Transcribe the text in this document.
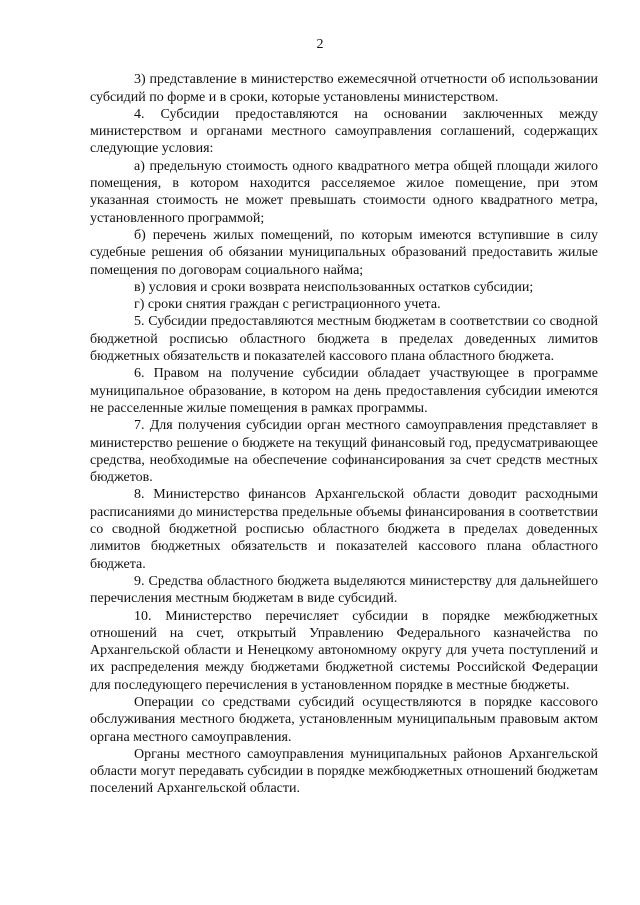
2

3) представление в министерство ежемесячной отчетности об использовании субсидий по форме и в сроки, которые установлены министерством.

4. Субсидии предоставляются на основании заключенных между министерством и органами местного самоуправления соглашений, содержащих следующие условия:

а) предельную стоимость одного квадратного метра общей площади жилого помещения, в котором находится расселяемое жилое помещение, при этом указанная стоимость не может превышать стоимости одного квадратного метра, установленного программой;

б) перечень жилых помещений, по которым имеются вступившие в силу судебные решения об обязании муниципальных образований предоставить жилые помещения по договорам социального найма;

в) условия и сроки возврата неиспользованных остатков субсидии;

г) сроки снятия граждан с регистрационного учета.

5. Субсидии предоставляются местным бюджетам в соответствии со сводной бюджетной росписью областного бюджета в пределах доведенных лимитов бюджетных обязательств и показателей кассового плана областного бюджета.

6. Правом на получение субсидии обладает участвующее в программе муниципальное образование, в котором на день предоставления субсидии имеются не расселенные жилые помещения в рамках программы.

7. Для получения субсидии орган местного самоуправления представляет в министерство решение о бюджете на текущий финансовый год, предусматривающее средства, необходимые на обеспечение софинансирования за счет средств местных бюджетов.

8. Министерство финансов Архангельской области доводит расходными расписаниями до министерства предельные объемы финансирования в соответствии со сводной бюджетной росписью областного бюджета в пределах доведенных лимитов бюджетных обязательств и показателей кассового плана областного бюджета.

9. Средства областного бюджета выделяются министерству для дальнейшего перечисления местным бюджетам в виде субсидий.

10. Министерство перечисляет субсидии в порядке межбюджетных отношений на счет, открытый Управлению Федерального казначейства по Архангельской области и Ненецкому автономному округу для учета поступлений и их распределения между бюджетами бюджетной системы Российской Федерации для последующего перечисления в установленном порядке в местные бюджеты.

Операции со средствами субсидий осуществляются в порядке кассового обслуживания местного бюджета, установленным муниципальным правовым актом органа местного самоуправления.

Органы местного самоуправления муниципальных районов Архангельской области могут передавать субсидии в порядке межбюджетных отношений бюджетам поселений Архангельской области.
